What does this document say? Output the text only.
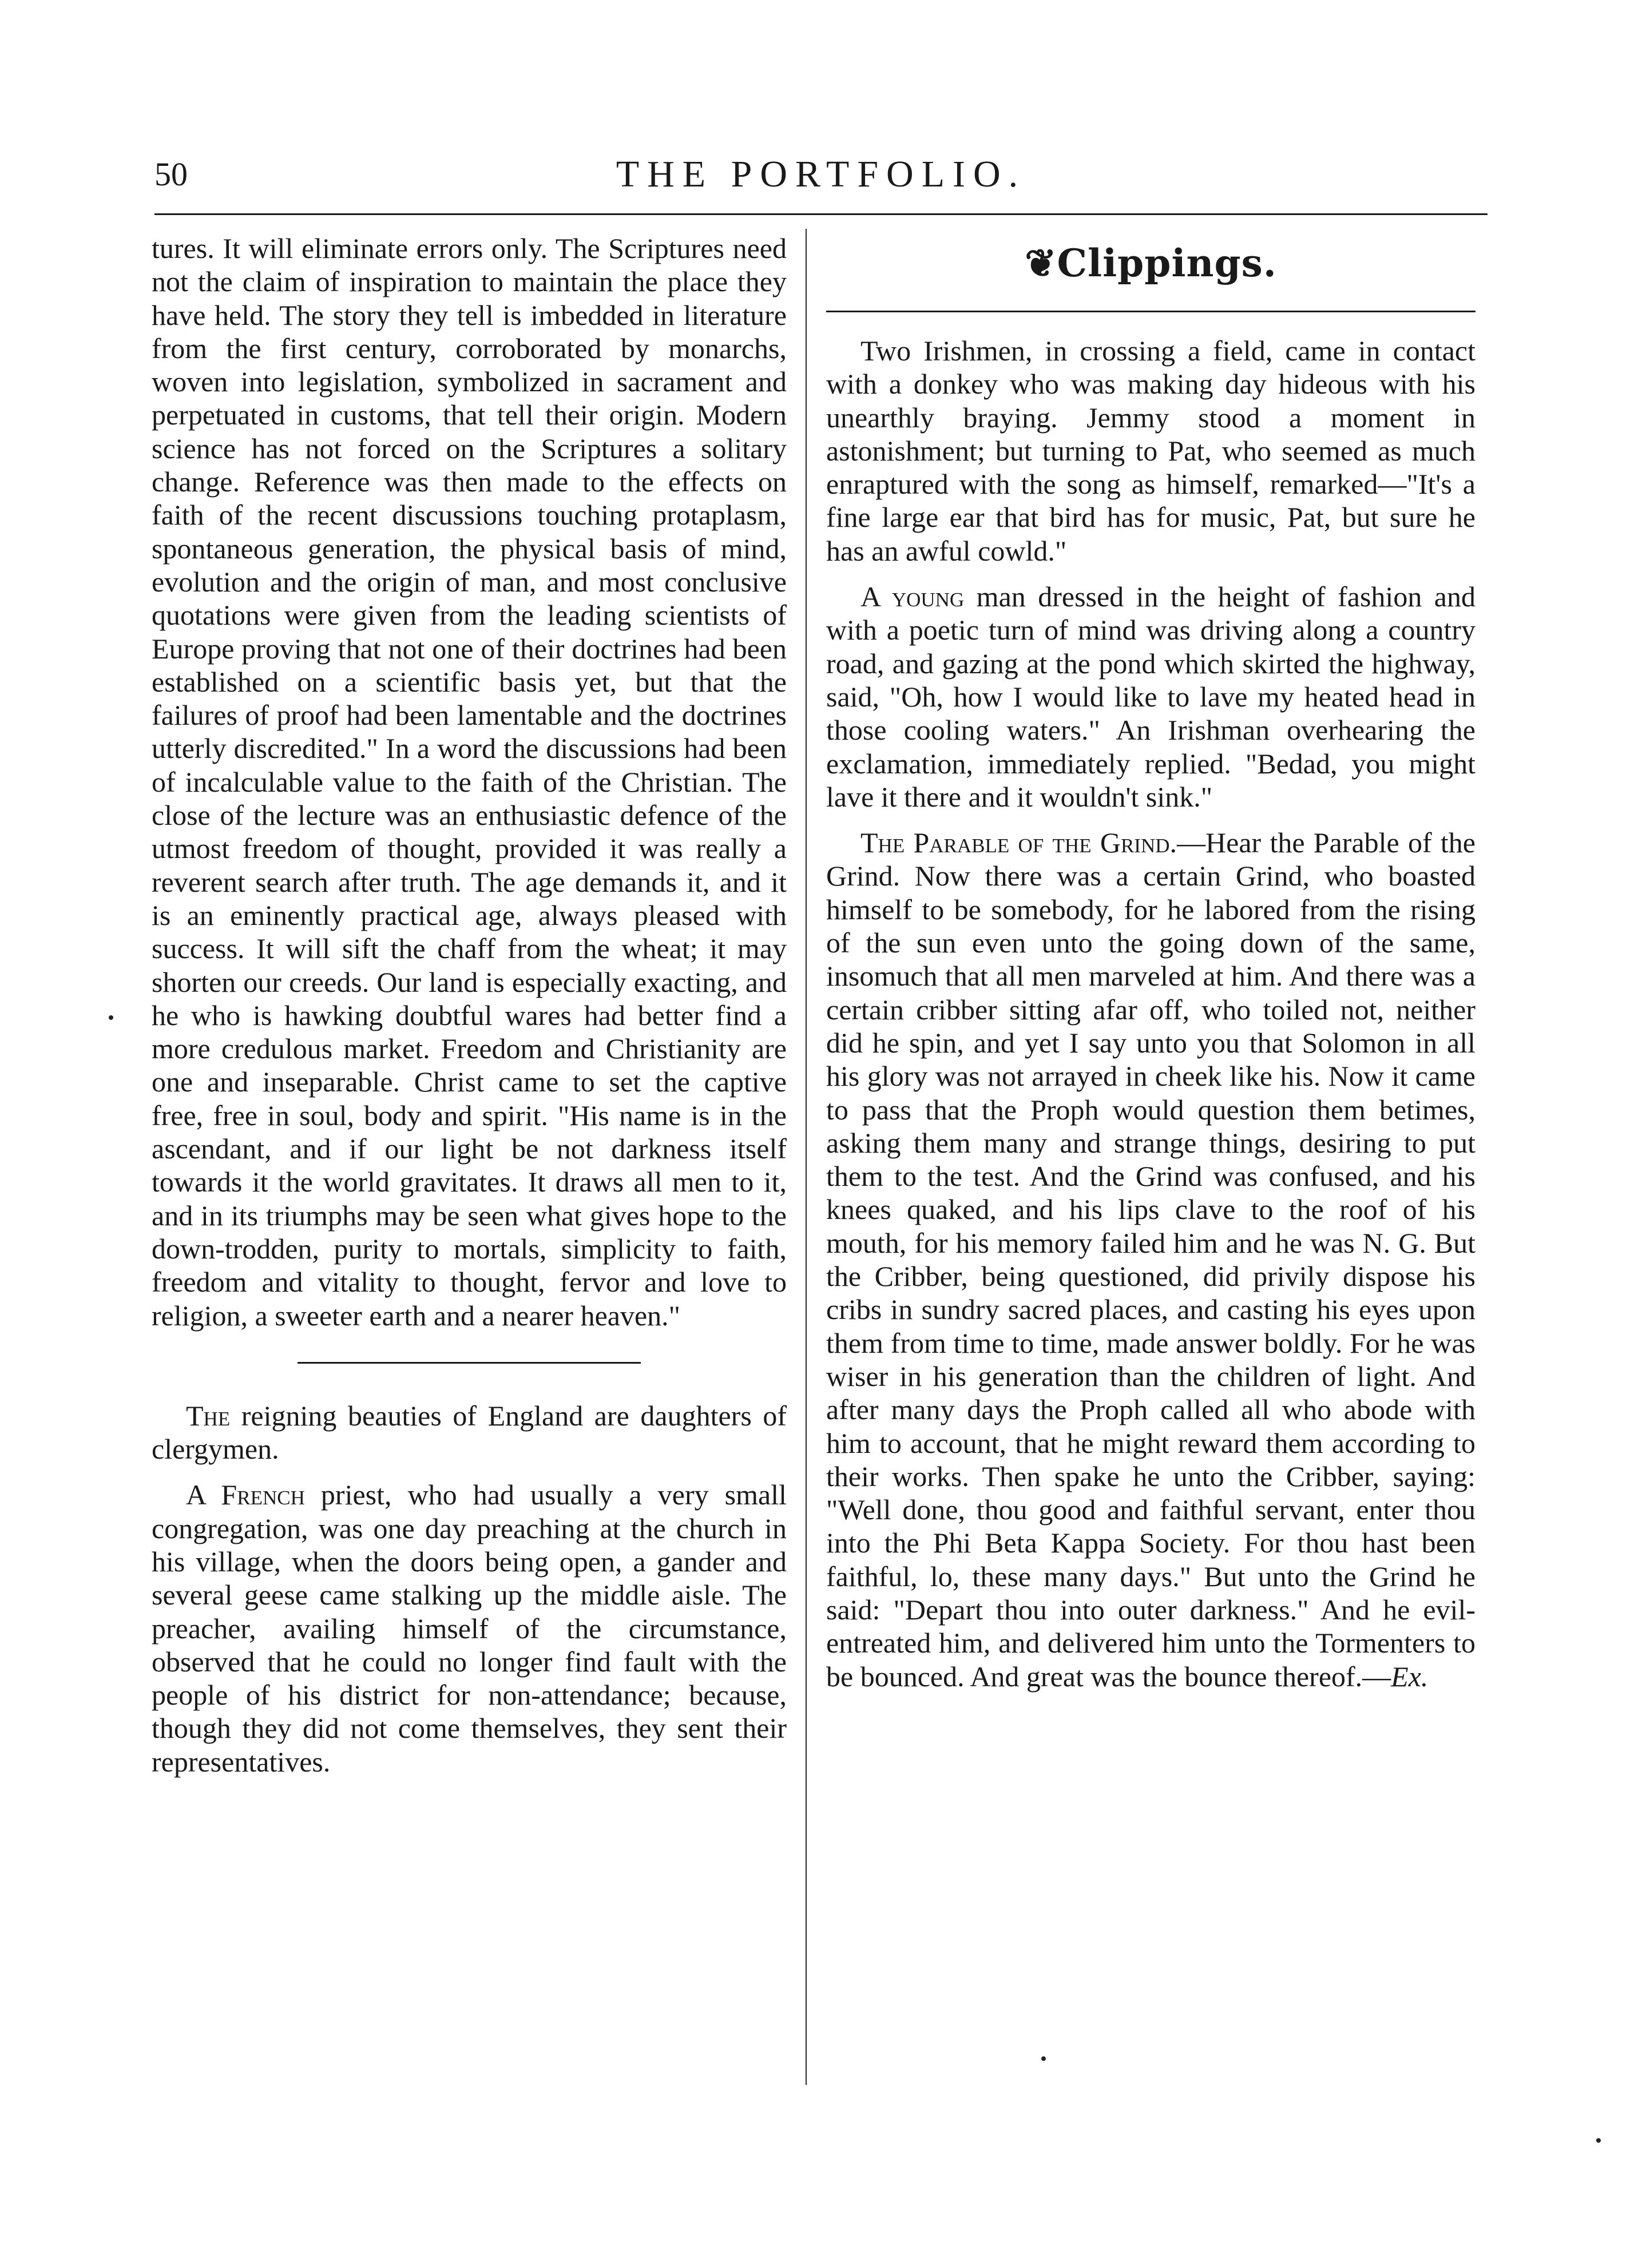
50	THE PORTFOLIO.

tures. It will eliminate errors only. The Scriptures need not the claim of inspiration to maintain the place they have held. The story they tell is imbedded in literature from the first century, corroborated by monarchs, woven into legislation, symbolized in sacrament and perpetuated in customs, that tell their origin. Modern science has not forced on the Scriptures a solitary change. Reference was then made to the effects on faith of the recent discussions touching protaplasm, spontaneous generation, the physical basis of mind, evolution and the origin of man, and most conclusive quotations were given from the leading scientists of Europe proving that not one of their doctrines had been established on a scientific basis yet, but that the failures of proof had been lamentable and the doctrines utterly discredited." In a word the discussions had been of incalculable value to the faith of the Christian. The close of the lecture was an enthusiastic defence of the utmost freedom of thought, provided it was really a reverent search after truth. The age demands it, and it is an eminently practical age, always pleased with success. It will sift the chaff from the wheat; it may shorten our creeds. Our land is especially exacting, and he who is hawking doubtful wares had better find a more credulous market. Freedom and Christianity are one and inseparable. Christ came to set the captive free, free in soul, body and spirit. "His name is in the ascendant, and if our light be not darkness itself towards it the world gravitates. It draws all men to it, and in its triumphs may be seen what gives hope to the down-trodden, purity to mortals, simplicity to faith, freedom and vitality to thought, fervor and love to religion, a sweeter earth and a nearer heaven."

The reigning beauties of England are daughters of clergymen.

A French priest, who had usually a very small congregation, was one day preaching at the church in his village, when the doors being open, a gander and several geese came stalking up the middle aisle. The preacher, availing himself of the circumstance, observed that he could no longer find fault with the people of his district for non-attendance; because, though they did not come themselves, they sent their representatives.

❦Clippings.

Two Irishmen, in crossing a field, came in contact with a donkey who was making day hideous with his unearthly braying. Jemmy stood a moment in astonishment; but turning to Pat, who seemed as much enraptured with the song as himself, remarked—"It's a fine large ear that bird has for music, Pat, but sure he has an awful cowld."

A young man dressed in the height of fashion and with a poetic turn of mind was driving along a country road, and gazing at the pond which skirted the highway, said, "Oh, how I would like to lave my heated head in those cooling waters." An Irishman overhearing the exclamation, immediately replied. "Bedad, you might lave it there and it wouldn't sink."

The Parable of the Grind.—Hear the Parable of the Grind. Now there was a certain Grind, who boasted himself to be somebody, for he labored from the rising of the sun even unto the going down of the same, insomuch that all men marveled at him. And there was a certain cribber sitting afar off, who toiled not, neither did he spin, and yet I say unto you that Solomon in all his glory was not arrayed in cheek like his. Now it came to pass that the Proph would question them betimes, asking them many and strange things, desiring to put them to the test. And the Grind was confused, and his knees quaked, and his lips clave to the roof of his mouth, for his memory failed him and he was N. G. But the Cribber, being questioned, did privily dispose his cribs in sundry sacred places, and casting his eyes upon them from time to time, made answer boldly. For he was wiser in his generation than the children of light. And after many days the Proph called all who abode with him to account, that he might reward them according to their works. Then spake he unto the Cribber, saying: "Well done, thou good and faithful servant, enter thou into the Phi Beta Kappa Society. For thou hast been faithful, lo, these many days." But unto the Grind he said: "Depart thou into outer darkness." And he evil-entreated him, and delivered him unto the Tormenters to be bounced. And great was the bounce thereof.—Ex.
